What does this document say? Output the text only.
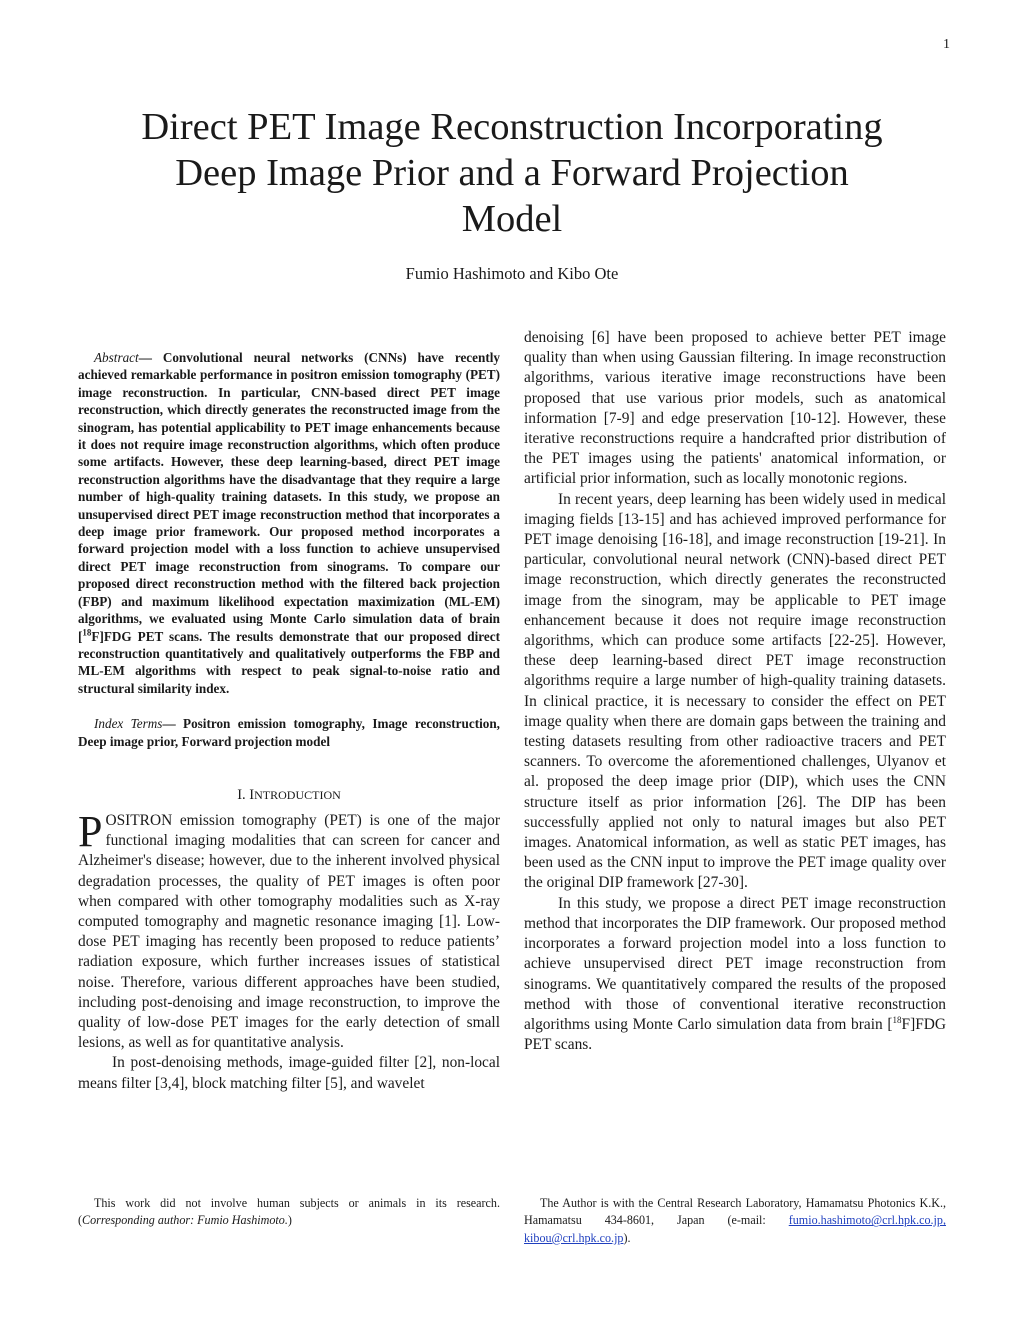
1
Direct PET Image Reconstruction Incorporating
Deep Image Prior and a Forward Projection
Model
Fumio Hashimoto and Kibo Ote

Abstract— Convolutional neural networks (CNNs) have recently achieved remarkable performance in positron emission tomography (PET) image reconstruction. In particular, CNN-based direct PET image reconstruction, which directly generates the reconstructed image from the sinogram, has potential applicability to PET image enhancements because it does not require image reconstruction algorithms, which often produce some artifacts. However, these deep learning-based, direct PET image reconstruction algorithms have the disadvantage that they require a large number of high-quality training datasets. In this study, we propose an unsupervised direct PET image reconstruction method that incorporates a deep image prior framework. Our proposed method incorporates a forward projection model with a loss function to achieve unsupervised direct PET image reconstruction from sinograms. To compare our proposed direct reconstruction method with the filtered back projection (FBP) and maximum likelihood expectation maximization (ML-EM) algorithms, we evaluated using Monte Carlo simulation data of brain [$^{18}$F]FDG PET scans. The results demonstrate that our proposed direct reconstruction quantitatively and qualitatively outperforms the FBP and ML-EM algorithms with respect to peak signal-to-noise ratio and structural similarity index.

Index Terms— Positron emission tomography, Image reconstruction, Deep image prior, Forward projection model

I. INTRODUCTION

POSITRON emission tomography (PET) is one of the major functional imaging modalities that can screen for cancer and Alzheimer's disease; however, due to the inherent involved physical degradation processes, the quality of PET images is often poor when compared with other tomography modalities such as X-ray computed tomography and magnetic resonance imaging [1]. Low-dose PET imaging has recently been proposed to reduce patients’ radiation exposure, which further increases issues of statistical noise. Therefore, various different approaches have been studied, including post-denoising and image reconstruction, to improve the quality of low-dose PET images for the early detection of small lesions, as well as for quantitative analysis.

In post-denoising methods, image-guided filter [2], non-local means filter [3,4], block matching filter [5], and wavelet

denoising [6] have been proposed to achieve better PET image quality than when using Gaussian filtering. In image reconstruction algorithms, various iterative image reconstructions have been proposed that use various prior models, such as anatomical information [7-9] and edge preservation [10-12]. However, these iterative reconstructions require a handcrafted prior distribution of the PET images using the patients' anatomical information, or artificial prior information, such as locally monotonic regions.

In recent years, deep learning has been widely used in medical imaging fields [13-15] and has achieved improved performance for PET image denoising [16-18], and image reconstruction [19-21]. In particular, convolutional neural network (CNN)-based direct PET image reconstruction, which directly generates the reconstructed image from the sinogram, may be applicable to PET image enhancement because it does not require image reconstruction algorithms, which can produce some artifacts [22-25]. However, these deep learning-based direct PET image reconstruction algorithms require a large number of high-quality training datasets. In clinical practice, it is necessary to consider the effect on PET image quality when there are domain gaps between the training and testing datasets resulting from other radioactive tracers and PET scanners. To overcome the aforementioned challenges, Ulyanov et al. proposed the deep image prior (DIP), which uses the CNN structure itself as prior information [26]. The DIP has been successfully applied not only to natural images but also PET images. Anatomical information, as well as static PET images, has been used as the CNN input to improve the PET image quality over the original DIP framework [27-30].

In this study, we propose a direct PET image reconstruction method that incorporates the DIP framework. Our proposed method incorporates a forward projection model into a loss function to achieve unsupervised direct PET image reconstruction from sinograms. We quantitatively compared the results of the proposed method with those of conventional iterative reconstruction algorithms using Monte Carlo simulation data from brain [$^{18}$F]FDG PET scans.

This work did not involve human subjects or animals in its research. (Corresponding author: Fumio Hashimoto.)
The Author is with the Central Research Laboratory, Hamamatsu Photonics K.K., Hamamatsu 434-8601, Japan (e-mail: fumio.hashimoto@crl.hpk.co.jp, kibou@crl.hpk.co.jp).
